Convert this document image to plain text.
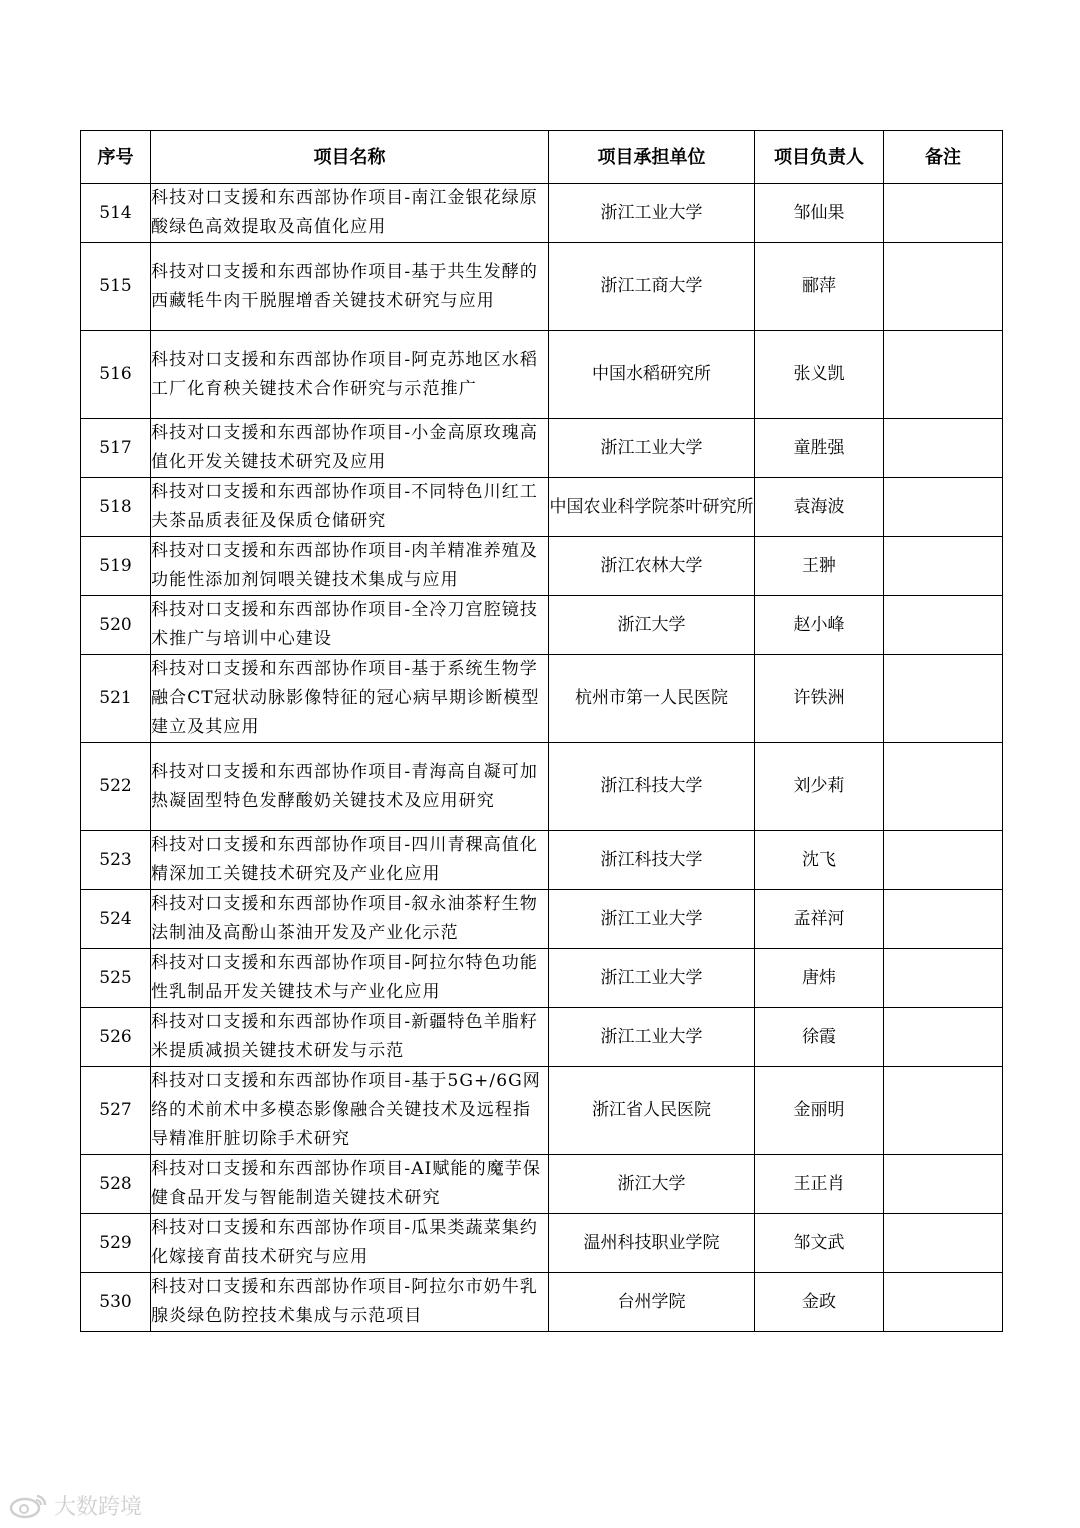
序号	项目名称	项目承担单位	项目负责人	备注
514	科技对口支援和东西部协作项目-南江金银花绿原酸绿色高效提取及高值化应用	浙江工业大学	邹仙果	
515	科技对口支援和东西部协作项目-基于共生发酵的西藏牦牛肉干脱腥增香关键技术研究与应用	浙江工商大学	郦萍	
516	科技对口支援和东西部协作项目-阿克苏地区水稻工厂化育秧关键技术合作研究与示范推广	中国水稻研究所	张义凯	
517	科技对口支援和东西部协作项目-小金高原玫瑰高值化开发关键技术研究及应用	浙江工业大学	童胜强	
518	科技对口支援和东西部协作项目-不同特色川红工夫茶品质表征及保质仓储研究	中国农业科学院茶叶研究所	袁海波	
519	科技对口支援和东西部协作项目-肉羊精准养殖及功能性添加剂饲喂关键技术集成与应用	浙江农林大学	王翀	
520	科技对口支援和东西部协作项目-全冷刀宫腔镜技术推广与培训中心建设	浙江大学	赵小峰	
521	科技对口支援和东西部协作项目-基于系统生物学融合CT冠状动脉影像特征的冠心病早期诊断模型建立及其应用	杭州市第一人民医院	许铁洲	
522	科技对口支援和东西部协作项目-青海高自凝可加热凝固型特色发酵酸奶关键技术及应用研究	浙江科技大学	刘少莉	
523	科技对口支援和东西部协作项目-四川青稞高值化精深加工关键技术研究及产业化应用	浙江科技大学	沈飞	
524	科技对口支援和东西部协作项目-叙永油茶籽生物法制油及高酚山茶油开发及产业化示范	浙江工业大学	孟祥河	
525	科技对口支援和东西部协作项目-阿拉尔特色功能性乳制品开发关键技术与产业化应用	浙江工业大学	唐炜	
526	科技对口支援和东西部协作项目-新疆特色羊脂籽米提质减损关键技术研发与示范	浙江工业大学	徐霞	
527	科技对口支援和东西部协作项目-基于5G+/6G网络的术前术中多模态影像融合关键技术及远程指导精准肝脏切除手术研究	浙江省人民医院	金丽明	
528	科技对口支援和东西部协作项目-AI赋能的魔芋保健食品开发与智能制造关键技术研究	浙江大学	王正肖	
529	科技对口支援和东西部协作项目-瓜果类蔬菜集约化嫁接育苗技术研究与应用	温州科技职业学院	邹文武	
530	科技对口支援和东西部协作项目-阿拉尔市奶牛乳腺炎绿色防控技术集成与示范项目	台州学院	金政	
大数跨境
